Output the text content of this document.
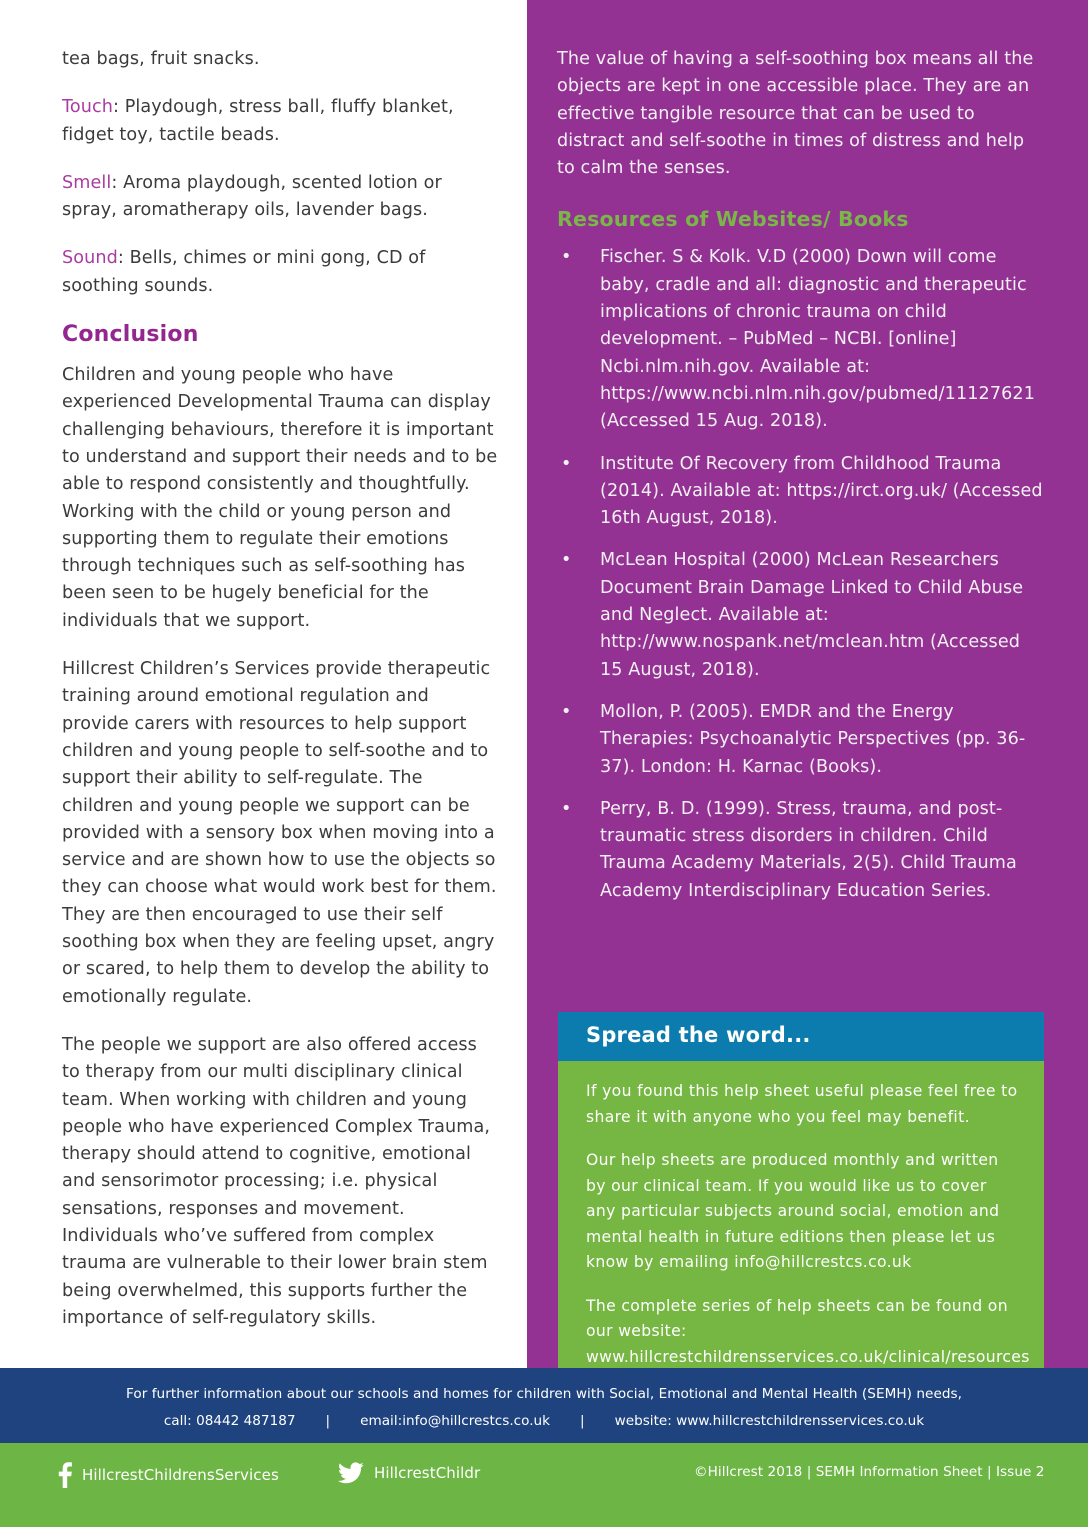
tea bags, fruit snacks.

Touch: Playdough, stress ball, fluffy blanket, fidget toy, tactile beads.

Smell: Aroma playdough, scented lotion or spray, aromatherapy oils, lavender bags.

Sound: Bells, chimes or mini gong, CD of soothing sounds.

Conclusion

Children and young people who have experienced Developmental Trauma can display challenging behaviours, therefore it is important to understand and support their needs and to be able to respond consistently and thoughtfully. Working with the child or young person and supporting them to regulate their emotions through techniques such as self-soothing has been seen to be hugely beneficial for the individuals that we support.

Hillcrest Children’s Services provide therapeutic training around emotional regulation and provide carers with resources to help support children and young people to self-soothe and to support their ability to self-regulate. The children and young people we support can be provided with a sensory box when moving into a service and are shown how to use the objects so they can choose what would work best for them. They are then encouraged to use their self soothing box when they are feeling upset, angry or scared, to help them to develop the ability to emotionally regulate.

The people we support are also offered access to therapy from our multi disciplinary clinical team. When working with children and young people who have experienced Complex Trauma, therapy should attend to cognitive, emotional and sensorimotor processing; i.e. physical sensations, responses and movement. Individuals who’ve suffered from complex trauma are vulnerable to their lower brain stem being overwhelmed, this supports further the importance of self-regulatory skills.

The value of having a self-soothing box means all the objects are kept in one accessible place. They are an effective tangible resource that can be used to distract and self-soothe in times of distress and help to calm the senses.

Resources of Websites/ Books
• Fischer. S & Kolk. V.D (2000) Down will come baby, cradle and all: diagnostic and therapeutic implications of chronic trauma on child development. – PubMed – NCBI. [online] Ncbi.nlm.nih.gov. Available at: https://www.ncbi.nlm.nih.gov/pubmed/11127621 (Accessed 15 Aug. 2018).
• Institute Of Recovery from Childhood Trauma (2014). Available at: https://irct.org.uk/ (Accessed 16th August, 2018).
• McLean Hospital (2000) McLean Researchers Document Brain Damage Linked to Child Abuse and Neglect. Available at: http://www.nospank.net/mclean.htm (Accessed 15 August, 2018).
• Mollon, P. (2005). EMDR and the Energy Therapies: Psychoanalytic Perspectives (pp. 36-37). London: H. Karnac (Books).
• Perry, B. D. (1999). Stress, trauma, and post-traumatic stress disorders in children. Child Trauma Academy Materials, 2(5). Child Trauma Academy Interdisciplinary Education Series.
Spread the word...

If you found this help sheet useful please feel free to share it with anyone who you feel may benefit.

Our help sheets are produced monthly and written by our clinical team. If you would like us to cover any particular subjects around social, emotion and mental health in future editions then please let us know by emailing info@hillcrestcs.co.uk

The complete series of help sheets can be found on our website: www.hillcrestchildrensservices.co.uk/clinical/resources

For further information about our schools and homes for children with Social, Emotional and Mental Health (SEMH) needs,
call: 08442 487187 | email:info@hillcrestcs.co.uk | website: www.hillcrestchildrensservices.co.uk
HillcrestChildrensServices	HillcrestChildr	©Hillcrest 2018 | SEMH Information Sheet | Issue 2
